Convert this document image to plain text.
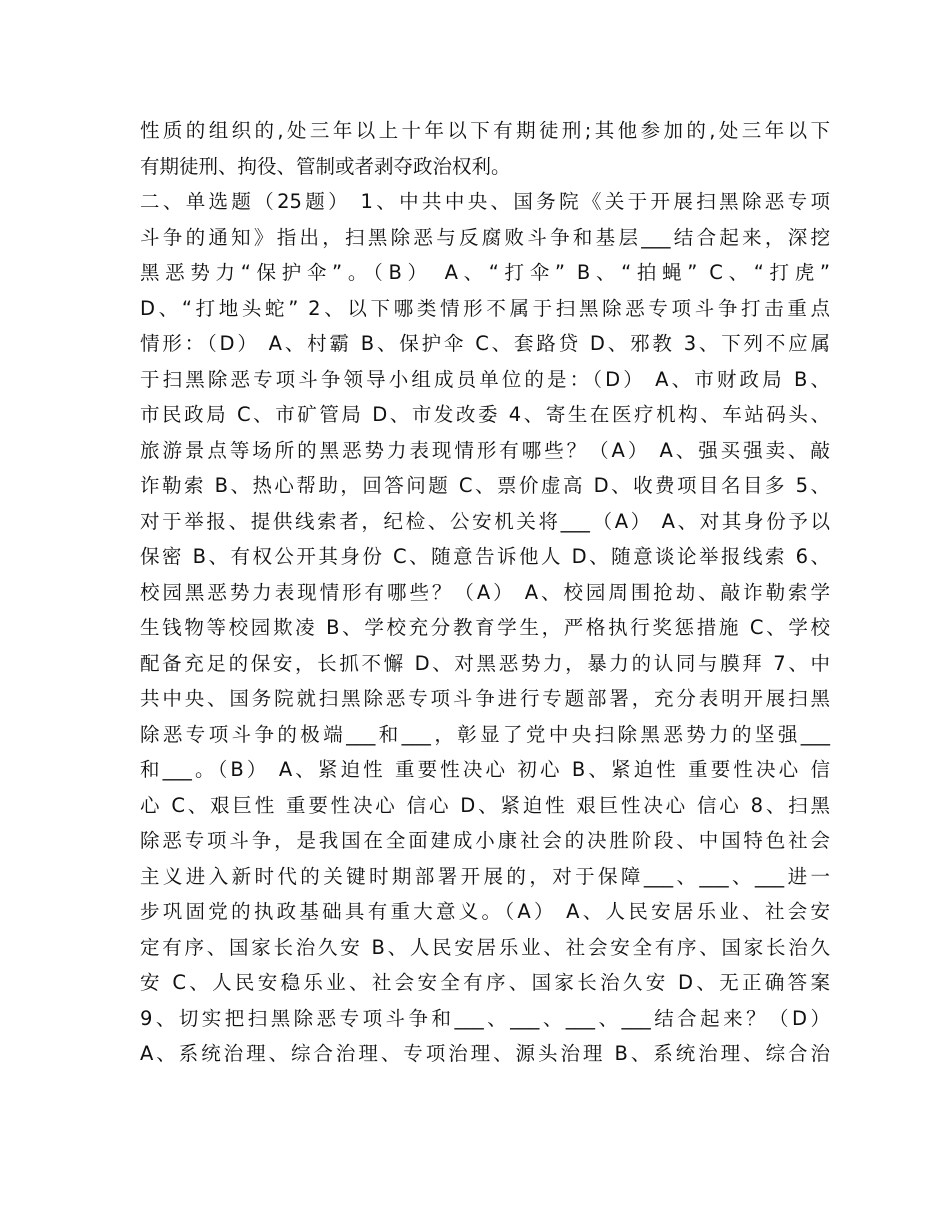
性质的组织的,处三年以上十年以下有期徒刑;其他参加的,处三年以下
有期徒刑、拘役、管制或者剥夺政治权利。
二、单选题（25题） 1、中共中央、国务院《关于开展扫黑除恶专项
斗争的通知》指出，扫黑除恶与反腐败斗争和基层___结合起来，深挖
黑恶势力“保护伞”。（B） A、“打伞” B、“拍蝇” C、“打虎”
D、“打地头蛇” 2、以下哪类情形不属于扫黑除恶专项斗争打击重点
情形：（D） A、村霸 B、保护伞 C、套路贷 D、邪教 3、下列不应属
于扫黑除恶专项斗争领导小组成员单位的是：（D） A、市财政局 B、
市民政局 C、市矿管局 D、市发改委 4、寄生在医疗机构、车站码头、
旅游景点等场所的黑恶势力表现情形有哪些？（A） A、强买强卖、敲
诈勒索 B、热心帮助，回答问题 C、票价虚高 D、收费项目名目多 5、
对于举报、提供线索者，纪检、公安机关将___（A） A、对其身份予以
保密 B、有权公开其身份 C、随意告诉他人 D、随意谈论举报线索 6、
校园黑恶势力表现情形有哪些？（A） A、校园周围抢劫、敲诈勒索学
生钱物等校园欺凌 B、学校充分教育学生，严格执行奖惩措施 C、学校
配备充足的保安，长抓不懈 D、对黑恶势力，暴力的认同与膜拜 7、中
共中央、国务院就扫黑除恶专项斗争进行专题部署，充分表明开展扫黑
除恶专项斗争的极端___和___，彰显了党中央扫除黑恶势力的坚强___
和___。（B） A、紧迫性 重要性决心 初心 B、紧迫性 重要性决心 信
心 C、艰巨性 重要性决心 信心 D、紧迫性 艰巨性决心 信心 8、扫黑
除恶专项斗争，是我国在全面建成小康社会的决胜阶段、中国特色社会
主义进入新时代的关键时期部署开展的，对于保障___、___、___进一
步巩固党的执政基础具有重大意义。（A） A、人民安居乐业、社会安
定有序、国家长治久安 B、人民安居乐业、社会安全有序、国家长治久
安 C、人民安稳乐业、社会安全有序、国家长治久安 D、无正确答案
9、切实把扫黑除恶专项斗争和___、___、___、___结合起来？（D）
A、系统治理、综合治理、专项治理、源头治理 B、系统治理、综合治
